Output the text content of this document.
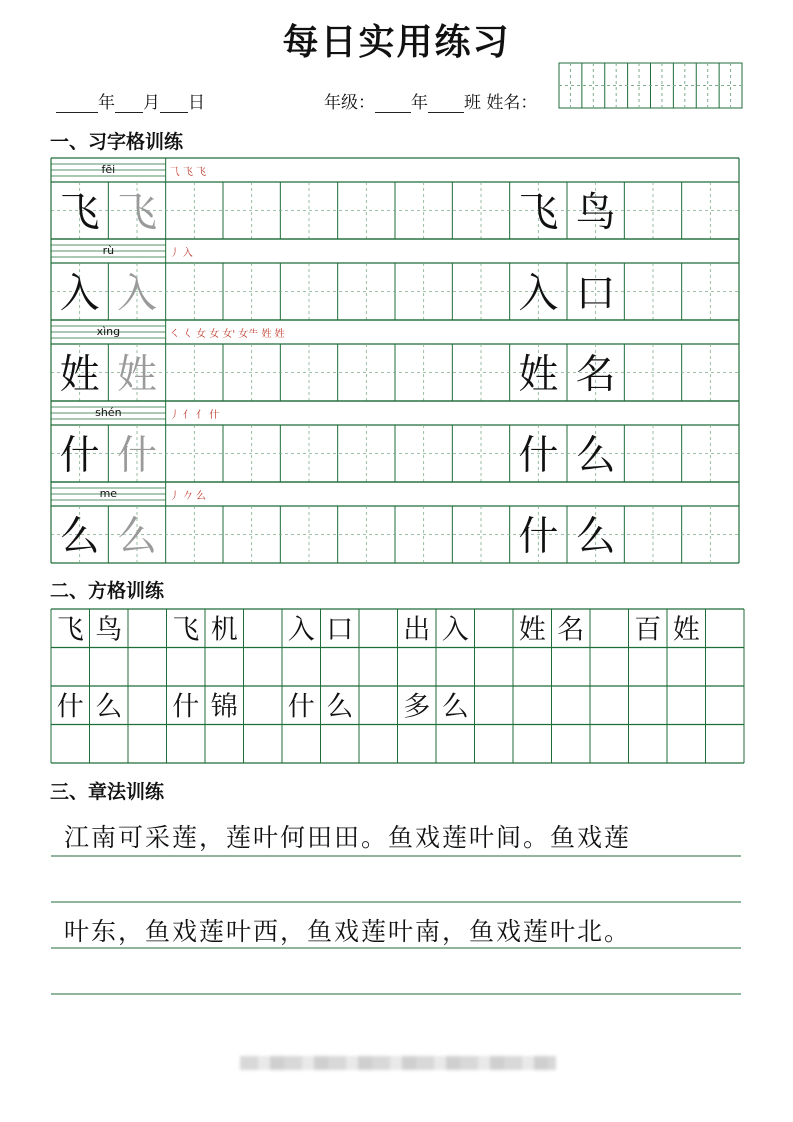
每日实用练习
年 月 日	年级： 年 班 姓名：
一、习字格训练
二、方格训练
三、章法训练
fēi	⺄ 飞 飞
飞 飞	飞 鸟
rù	丿 入
入 入	入 口
xìng	㇛ 𡿨 女 女 女' 女⺧ 姓 姓
姓 姓	姓 名
shén	丿 亻 亻 什
什 什	什 么
me	丿 𠂊 么
么 么	什 么
飞 鸟 飞 机 入 口 出 入 姓 名 百 姓
什 么 什 锦 什 么 多 么
江南可采莲，莲叶何田田。鱼戏莲叶间。鱼戏莲
叶东，鱼戏莲叶西，鱼戏莲叶南，鱼戏莲叶北。
